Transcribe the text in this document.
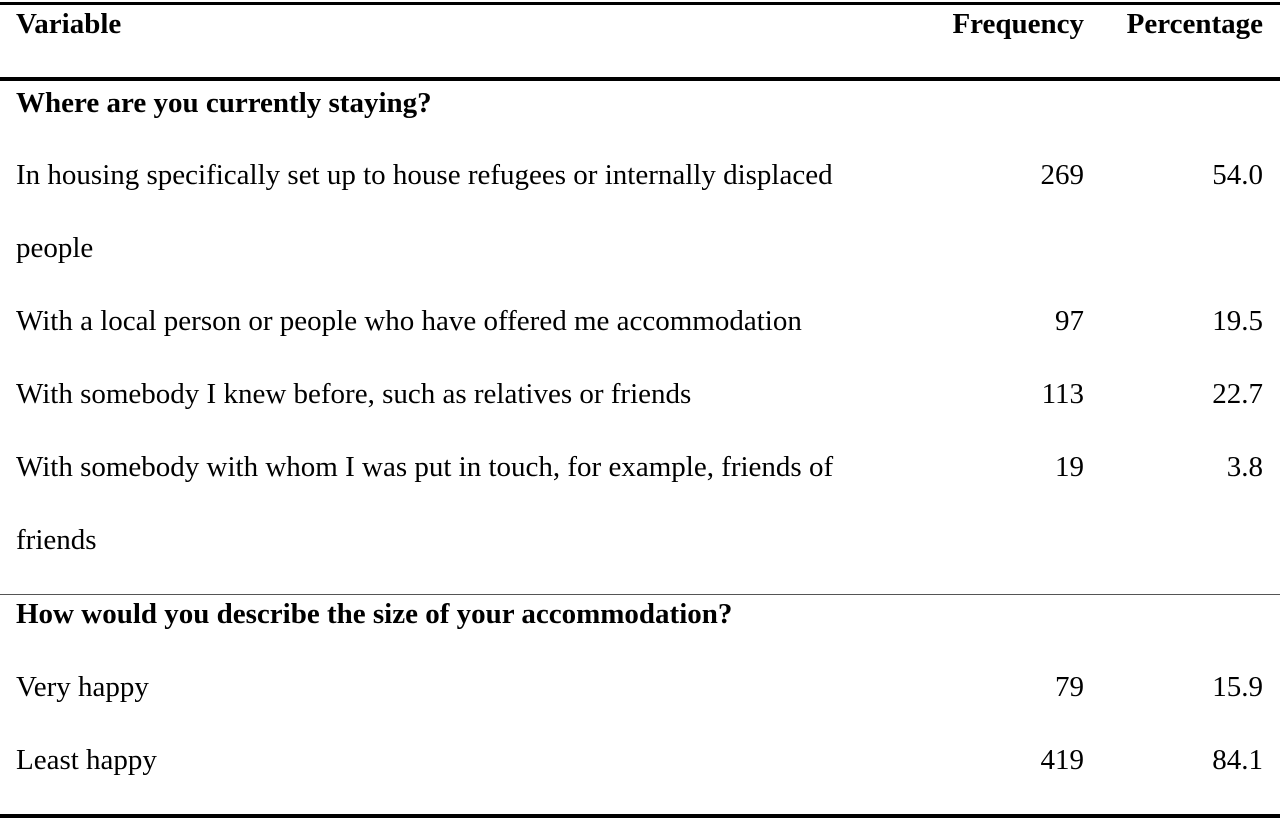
Variable	Frequency Percentage
Where are you currently staying?
In housing specifically set up to house refugees or internally displaced
people
269	54.0
With a local person or people who have offered me accommodation	97	19.5
With somebody I knew before, such as relatives or friends	113	22.7
With somebody with whom I was put in touch, for example, friends of
friends
19	3.8
How would you describe the size of your accommodation?
Very happy	79	15.9
Least happy	419	84.1
